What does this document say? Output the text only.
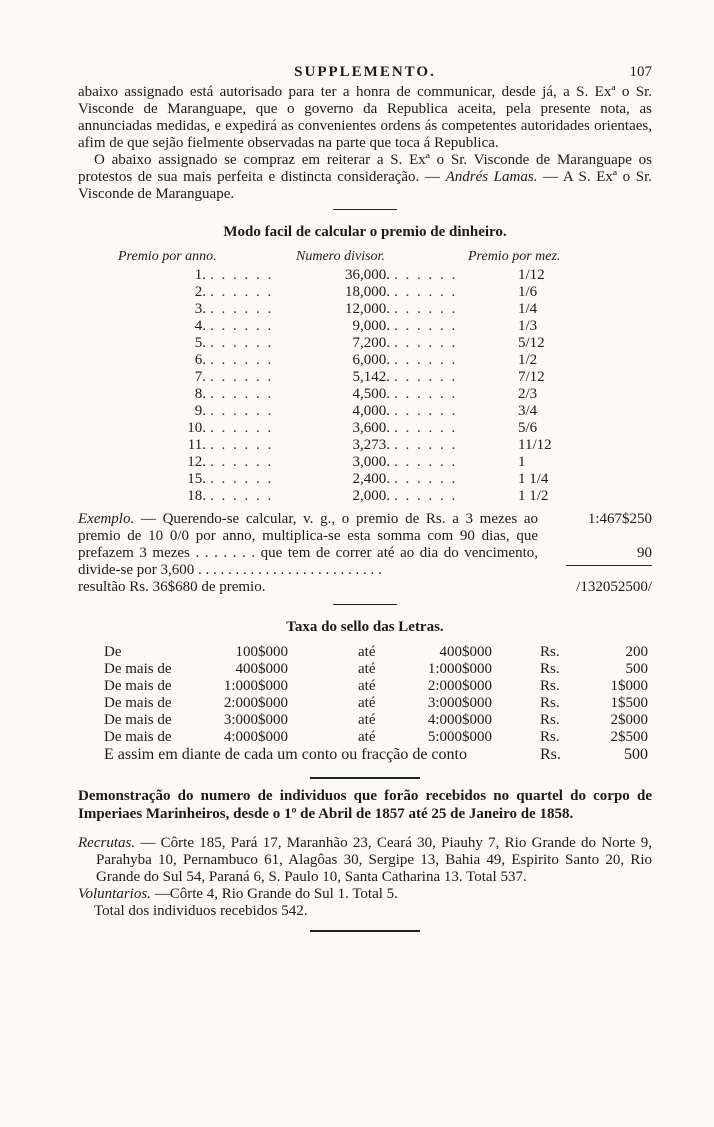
SUPPLEMENTO.	107

abaixo assignado está autorisado para ter a honra de communicar, desde já, a S. Exª o Sr. Visconde de Maranguape, que o governo da Republica aceita, pela presente nota, as annunciadas medidas, e expedirá as convenientes ordens ás competentes autoridades orientaes, afim de que sejão fielmente observadas na parte que toca á Republica.

O abaixo assignado se compraz em reiterar a S. Exª o Sr. Visconde de Maranguape os protestos de sua mais perfeita e distincta consideração. — Andrés Lamas. — A S. Exª o Sr. Visconde de Maranguape.

Modo facil de calcular o premio de dinheiro.
Premio por anno.	Numero divisor.	Premio por mez.
1. . . . . . .	36,000. . . . . . .	1/12
2. . . . . . .	18,000. . . . . . .	1/6
3. . . . . . .	12,000. . . . . . .	1/4
4. . . . . . .	9,000. . . . . . .	1/3
5. . . . . . .	7,200. . . . . . .	5/12
6. . . . . . .	6,000. . . . . . .	1/2
7. . . . . . .	5,142. . . . . . .	7/12
8. . . . . . .	4,500. . . . . . .	2/3
9. . . . . . .	4,000. . . . . . .	3/4
10. . . . . . .	3,600. . . . . . .	5/6
11. . . . . . .	3,273. . . . . . .	11/12
12. . . . . . .	3,000. . . . . . .	1
15. . . . . . .	2,400. . . . . . .	1 1/4
18. . . . . . .	2,000. . . . . . .	1 1/2
1:467$250
90
/132052500/
Exemplo. — Querendo-se calcular, v. g., o premio de Rs. a 3 mezes ao premio de 10 0/0 por anno, multiplica-se esta somma com 90 dias, que prefazem 3 mezes . . . . . . . que tem de correr até ao dia do vencimento, divide-se por 3,600 . . . . . . . . . . . . . . . . . . . . . . . . .
resultão Rs. 36$680 de premio.
Taxa do sello das Letras.
De	100$000	até	400$000	Rs.	200
De mais de	400$000	até	1:000$000	Rs.	500
De mais de	1:000$000	até	2:000$000	Rs.	1$000
De mais de	2:000$000	até	3:000$000	Rs.	1$500
De mais de	3:000$000	até	4:000$000	Rs.	2$000
De mais de	4:000$000	até	5:000$000	Rs.	2$500
E assim em diante de cada um conto ou fracção de conto	Rs.	500
Demonstração do numero de individuos que forão recebidos no quartel do corpo de Imperiaes Marinheiros, desde o 1º de Abril de 1857 até 25 de Janeiro de 1858.

Recrutas. — Côrte 185, Pará 17, Maranhão 23, Ceará 30, Piauhy 7, Rio Grande do Norte 9, Parahyba 10, Pernambuco 61, Alagôas 30, Sergipe 13, Bahia 49, Espirito Santo 20, Rio Grande do Sul 54, Paraná 6, S. Paulo 10, Santa Catharina 13. Total 537.

Voluntarios. —Côrte 4, Rio Grande do Sul 1. Total 5.

Total dos individuos recebidos 542.
